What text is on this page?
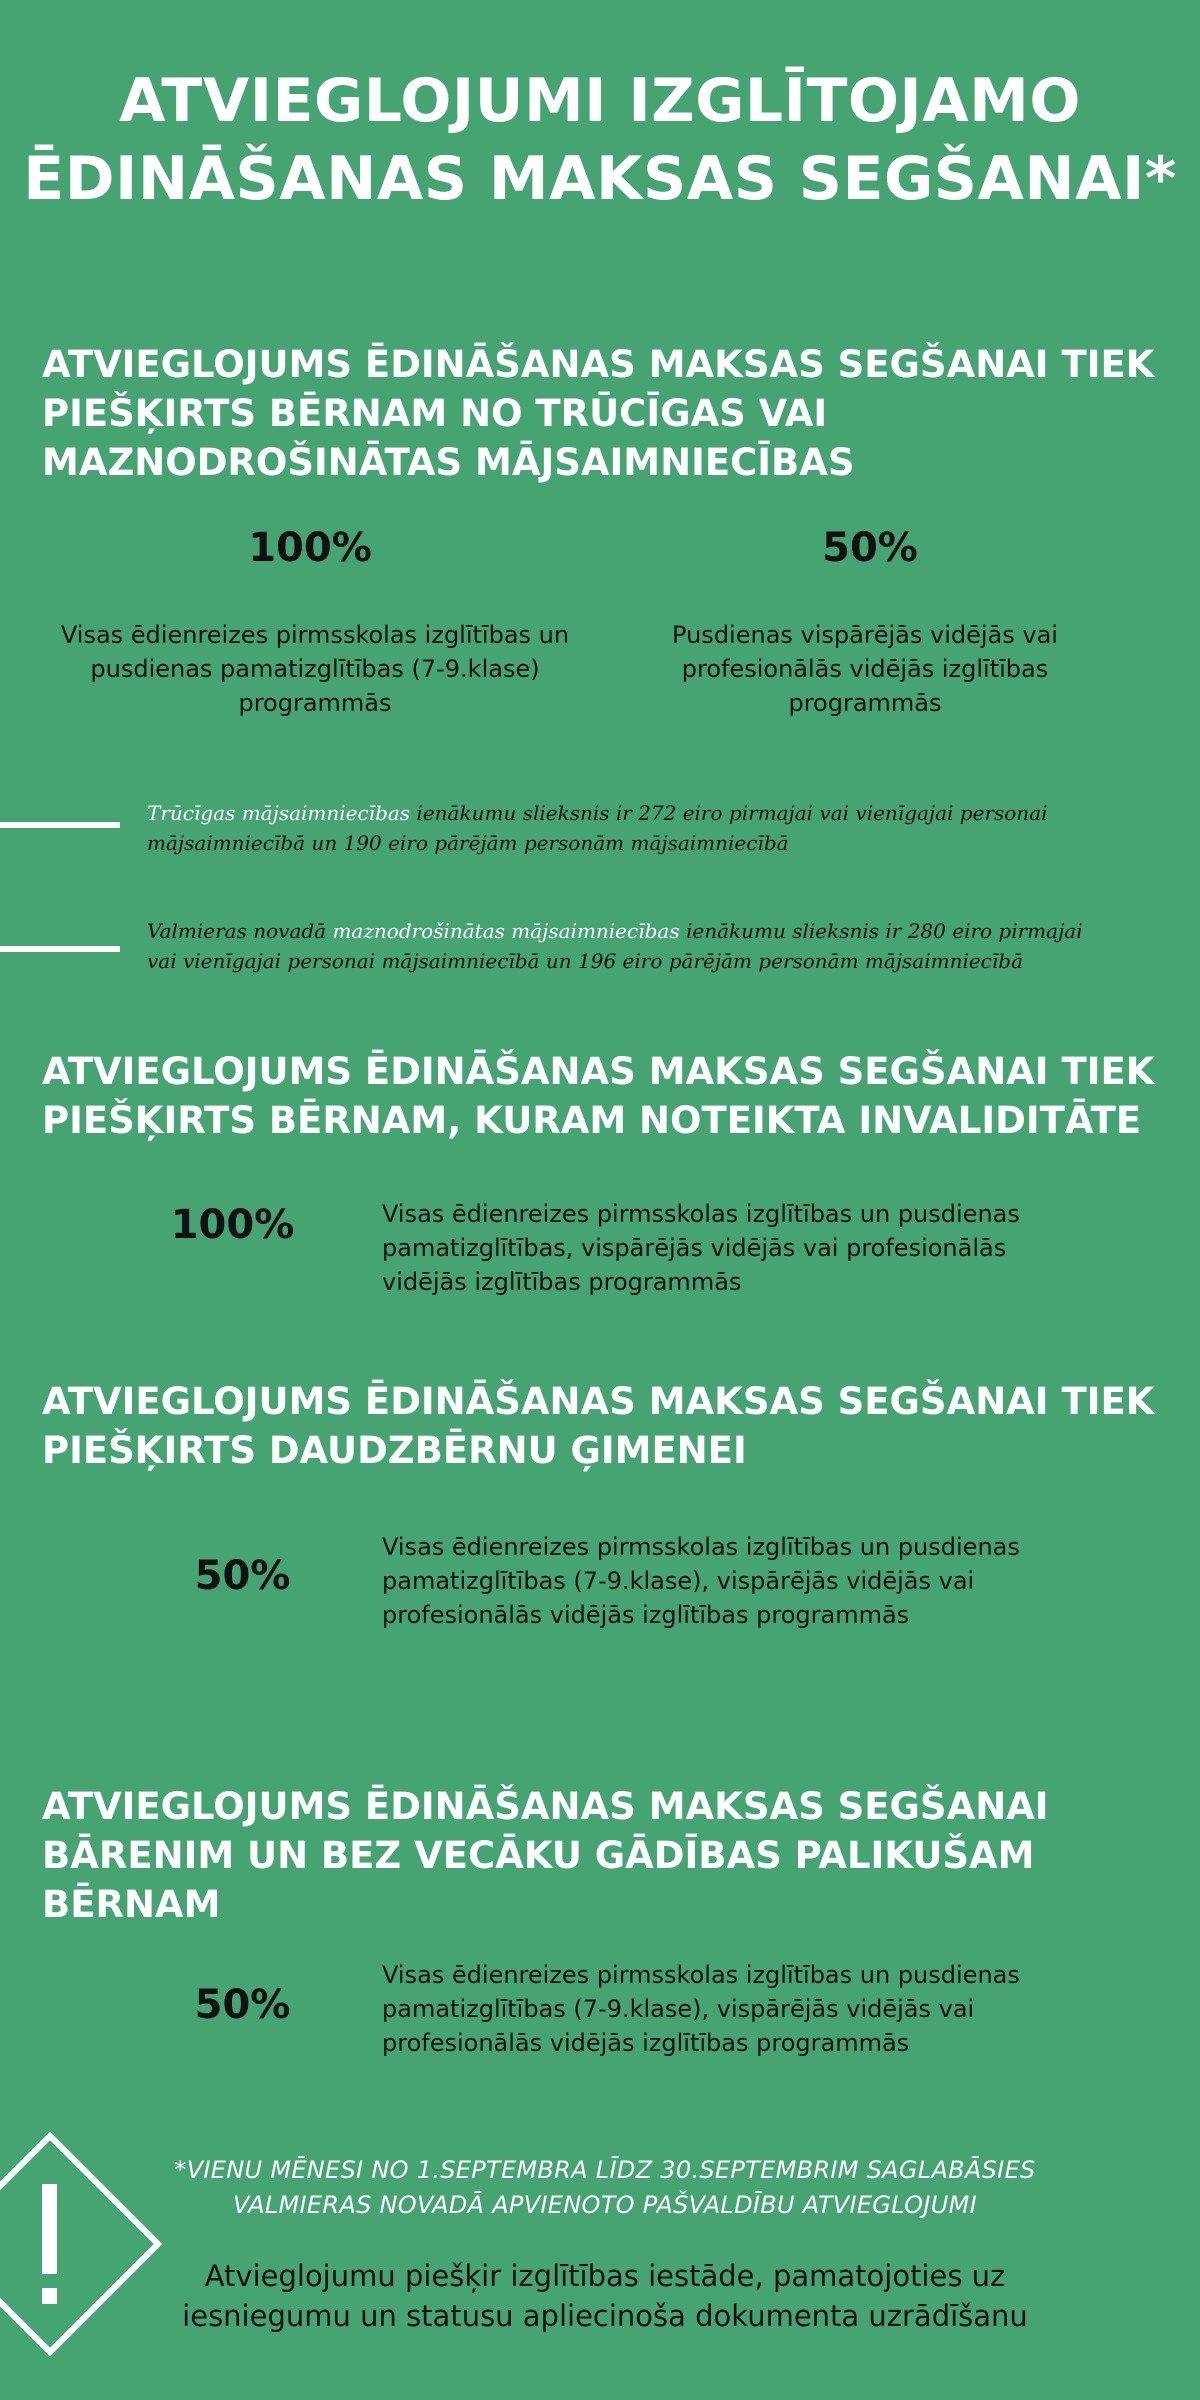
ATVIEGLOJUMI IZGLĪTOJAMO
ĒDINĀŠANAS MAKSAS SEGŠANAI*
ATVIEGLOJUMS ĒDINĀŠANAS MAKSAS SEGŠANAI TIEK
PIEŠĶIRTS BĒRNAM NO TRŪCĪGAS VAI
MAZNODROŠINĀTAS MĀJSAIMNIECĪBAS
100%
Visas ēdienreizes pirmsskolas izglītības un
pusdienas pamatizglītības (7-9.klase)
programmās
50%
Pusdienas vispārējās vidējās vai
profesionālās vidējās izglītības
programmās
Trūcīgas mājsaimniecības ienākumu slieksnis ir 272 eiro pirmajai vai vienīgajai personai
mājsaimniecībā un 190 eiro pārējām personām mājsaimniecībā
Valmieras novadā maznodrošinātas mājsaimniecības ienākumu slieksnis ir 280 eiro pirmajai
vai vienīgajai personai mājsaimniecībā un 196 eiro pārējām personām mājsaimniecībā
ATVIEGLOJUMS ĒDINĀŠANAS MAKSAS SEGŠANAI TIEK
PIEŠĶIRTS BĒRNAM, KURAM NOTEIKTA INVALIDITĀTE
100%	Visas ēdienreizes pirmsskolas izglītības un pusdienas
pamatizglītības, vispārējās vidējās vai profesionālās
vidējās izglītības programmās
ATVIEGLOJUMS ĒDINĀŠANAS MAKSAS SEGŠANAI TIEK
PIEŠĶIRTS DAUDZBĒRNU ĢIMENEI
50%
Visas ēdienreizes pirmsskolas izglītības un pusdienas
pamatizglītības (7-9.klase), vispārējās vidējās vai
profesionālās vidējās izglītības programmās
ATVIEGLOJUMS ĒDINĀŠANAS MAKSAS SEGŠANAI
BĀRENIM UN BEZ VECĀKU GĀDĪBAS PALIKUŠAM
BĒRNAM
50%
Visas ēdienreizes pirmsskolas izglītības un pusdienas
pamatizglītības (7-9.klase), vispārējās vidējās vai
profesionālās vidējās izglītības programmās
*VIENU MĒNESI NO 1.SEPTEMBRA LĪDZ 30.SEPTEMBRIM SAGLABĀSIES
VALMIERAS NOVADĀ APVIENOTO PAŠVALDĪBU ATVIEGLOJUMI
Atvieglojumu piešķir izglītības iestāde, pamatojoties uz
iesniegumu un statusu apliecinoša dokumenta uzrādīšanu
